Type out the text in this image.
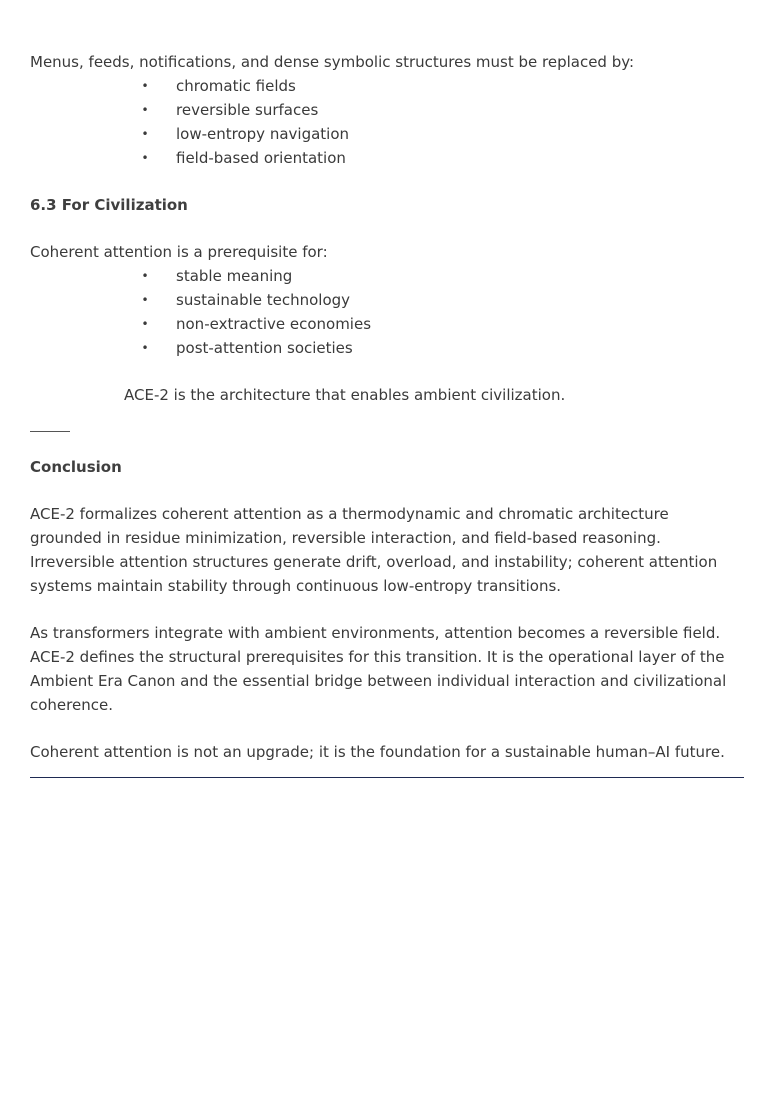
Menus, feeds, notifications, and dense symbolic structures must be replaced by:

• chromatic fields
• reversible surfaces
• low-entropy navigation
• field-based orientation

6.3 For Civilization

Coherent attention is a prerequisite for:

• stable meaning
• sustainable technology
• non-extractive economies
• post-attention societies

ACE-2 is the architecture that enables ambient civilization.

Conclusion

ACE-2 formalizes coherent attention as a thermodynamic and chromatic architecture grounded in residue minimization, reversible interaction, and field-based reasoning. Irreversible attention structures generate drift, overload, and instability; coherent attention systems maintain stability through continuous low-entropy transitions.

As transformers integrate with ambient environments, attention becomes a reversible field. ACE-2 defines the structural prerequisites for this transition. It is the operational layer of the Ambient Era Canon and the essential bridge between individual interaction and civilizational coherence.

Coherent attention is not an upgrade; it is the foundation for a sustainable human–AI future.
